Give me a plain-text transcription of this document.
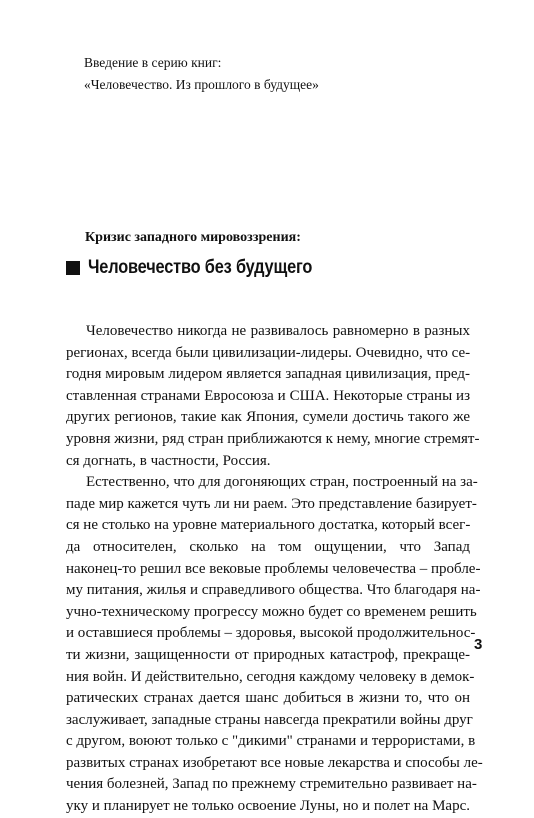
Введение в серию книг:
«Человечество. Из прошлого в будущее»
Кризис западного мировоззрения:
Человечество без будущего
Человечество никогда не развивалось равномерно в разных
регионах, всегда были цивилизации-лидеры. Очевидно, что се-
годня мировым лидером является западная цивилизация, пред-
ставленная странами Евросоюза и США. Некоторые страны из
других регионов, такие как Япония, сумели достичь такого же
уровня жизни, ряд стран приближаются к нему, многие стремят-
ся догнать, в частности, Россия.
Естественно, что для догоняющих стран, построенный на за-
паде мир кажется чуть ли ни раем. Это представление базирует-
ся не столько на уровне материального достатка, который всег-
да относителен, сколько на том ощущении, что Запад
наконец-то решил все вековые проблемы человечества – пробле-
му питания, жилья и справедливого общества. Что благодаря на-
учно-техническому прогрессу можно будет со временем решить
и оставшиеся проблемы – здоровья, высокой продолжительнос-
ти жизни, защищенности от природных катастроф, прекраще-
ния войн. И действительно, сегодня каждому человеку в демок-
ратических странах дается шанс добиться в жизни то, что он
заслуживает, западные страны навсегда прекратили войны друг
с другом, воюют только с "дикими" странами и террористами, в
развитых странах изобретают все новые лекарства и способы ле-
чения болезней, Запад по прежнему стремительно развивает на-
уку и планирует не только освоение Луны, но и полет на Марс.
3
